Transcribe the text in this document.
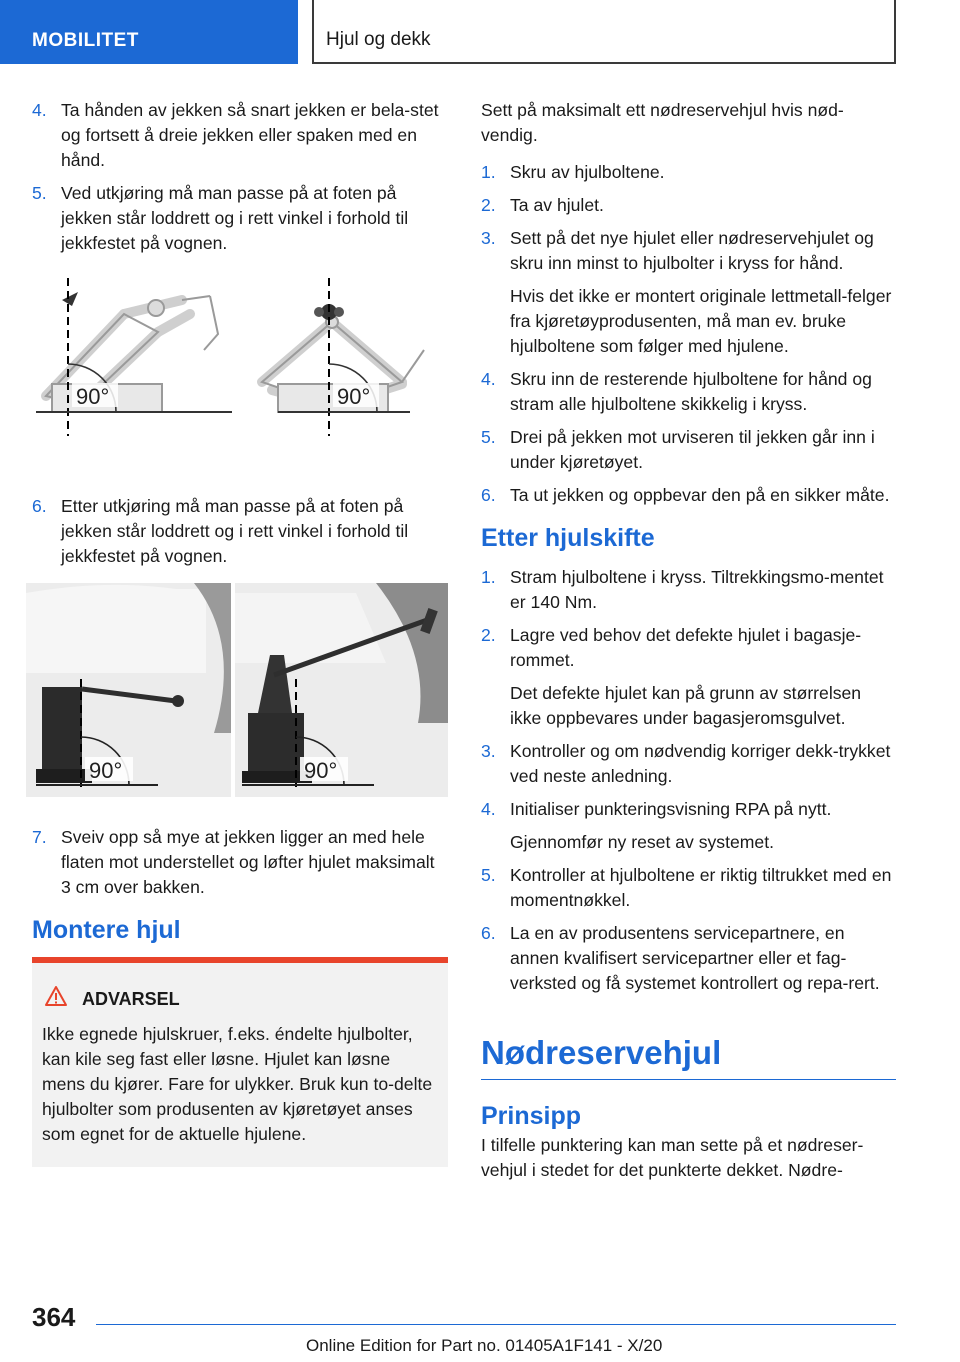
MOBILITET	Hjul og dekk
4. Ta hånden av jekken så snart jekken er bela-stet og fortsett å dreie jekken eller spaken med en hånd.
5. Ved utkjøring må man passe på at foten på jekken står loddrett og i rett vinkel i forhold til jekkfestet på vognen.
90°	90°
6. Etter utkjøring må man passe på at foten på jekken står loddrett og i rett vinkel i forhold til jekkfestet på vognen.
90°	90°
7. Sveiv opp så mye at jekken ligger an med hele flaten mot understellet og løfter hjulet maksimalt 3 cm over bakken.
Montere hjul
ADVARSEL
Ikke egnede hjulskruer, f.eks. éndelte hjulbolter, kan kile seg fast eller løsne. Hjulet kan løsne mens du kjører. Fare for ulykker. Bruk kun to-delte hjulbolter som produsenten av kjøretøyet anses som egnet for de aktuelle hjulene.

Sett på maksimalt ett nødreservehjul hvis nød-vendig.

1. Skru av hjulboltene.
2. Ta av hjulet.
3. Sett på det nye hjulet eller nødreservehjulet og skru inn minst to hjulbolter i kryss for hånd.
Hvis det ikke er montert originale lettmetall-felger fra kjøretøyprodusenten, må man ev. bruke hjulboltene som følger med hjulene.
4. Skru inn de resterende hjulboltene for hånd og stram alle hjulboltene skikkelig i kryss.
5. Drei på jekken mot urviseren til jekken går inn i under kjøretøyet.
6. Ta ut jekken og oppbevar den på en sikker måte.
Etter hjulskifte
1. Stram hjulboltene i kryss. Tiltrekkingsmo-mentet er 140 Nm.
2. Lagre ved behov det defekte hjulet i bagasje-rommet.
Det defekte hjulet kan på grunn av størrelsen ikke oppbevares under bagasjeromsgulvet.
3. Kontroller og om nødvendig korriger dekk-trykket ved neste anledning.
4. Initialiser punkteringsvisning RPA på nytt.
Gjennomfør ny reset av systemet.
5. Kontroller at hjulboltene er riktig tiltrukket med en momentnøkkel.
6. La en av produsentens servicepartnere, en annen kvalifisert servicepartner eller et fag-verksted og få systemet kontrollert og repa-rert.
Nødreservehjul
Prinsipp

I tilfelle punktering kan man sette på et nødreser-vehjul i stedet for det punkterte dekket. Nødre-

364
Online Edition for Part no. 01405A1F141 - X/20
